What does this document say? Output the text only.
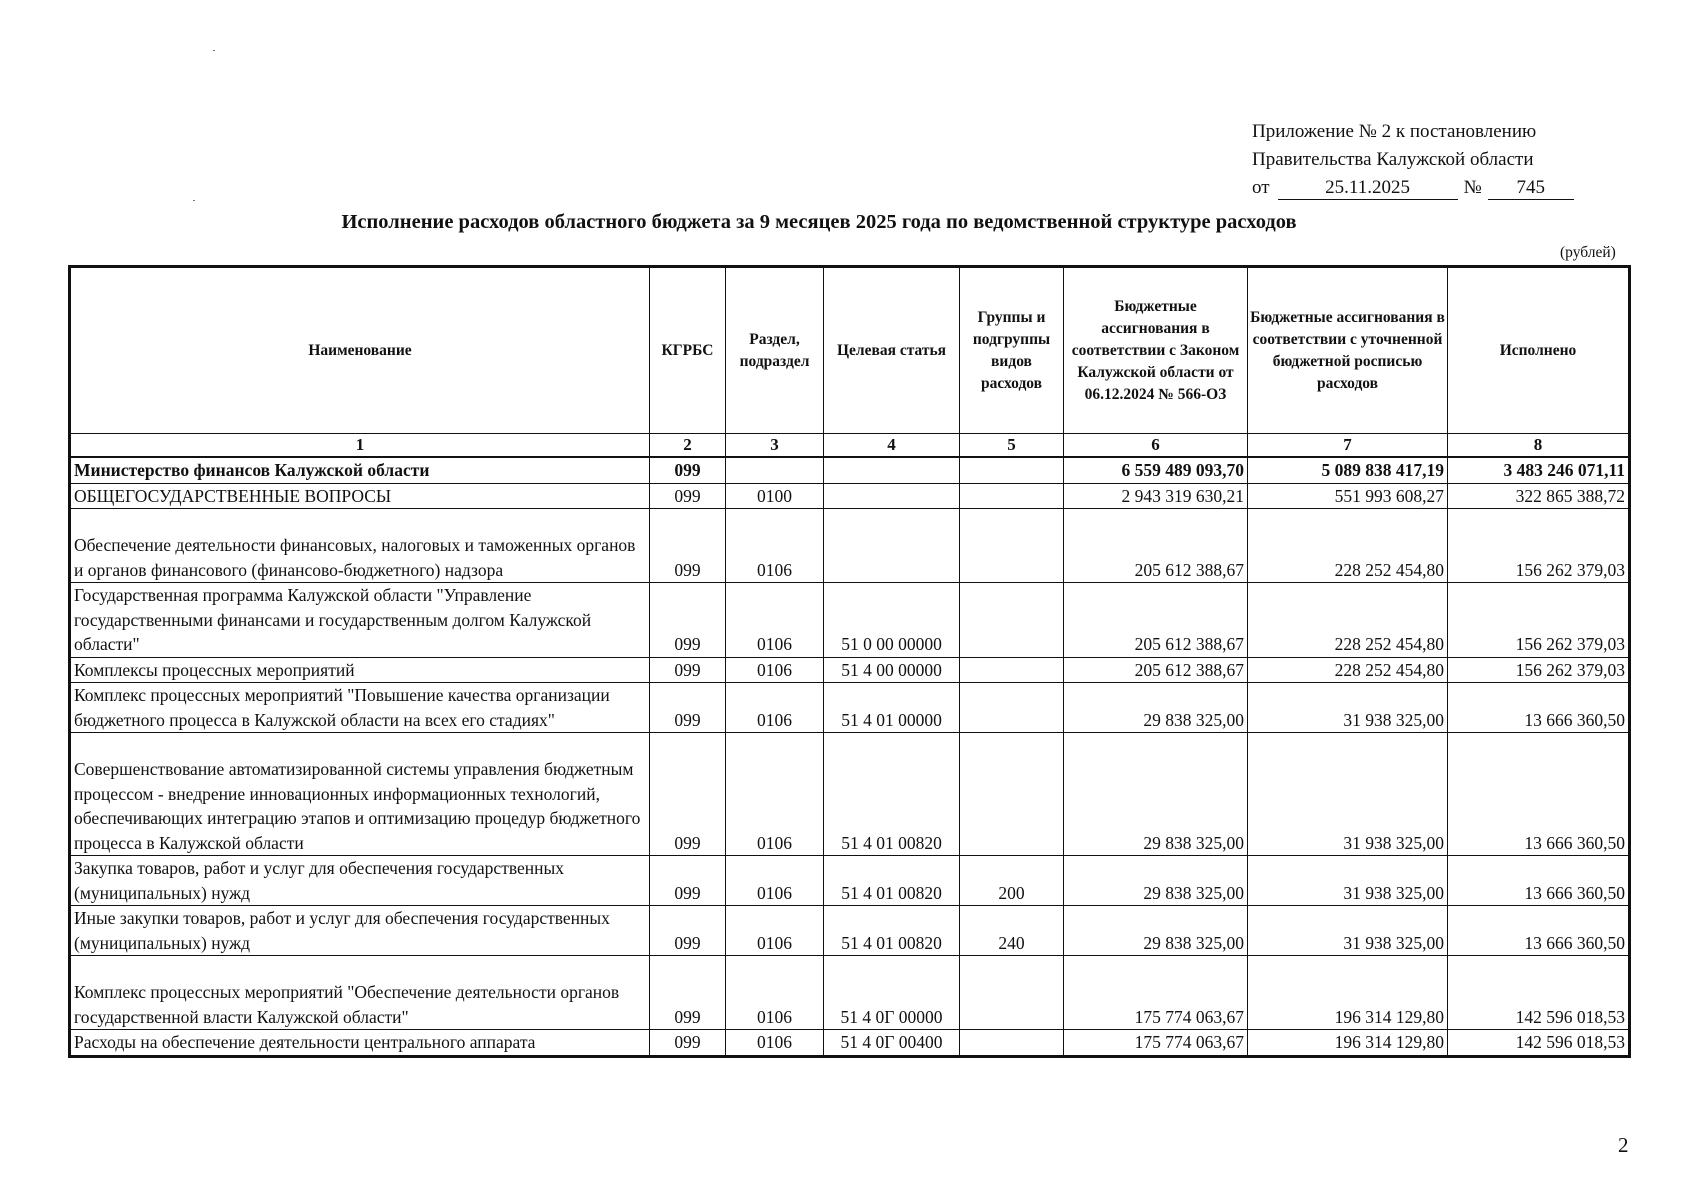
Приложение № 2 к постановлению
Правительства Калужской области
от	25.11.2025	№ 745
Исполнение расходов областного бюджета за 9 месяцев 2025 года по ведомственной структуре расходов
(рублей)
Наименование	КГРБС	Раздел, подраздел	Целевая статья	Группы и подгруппы видов расходов	Бюджетные ассигнования в соответствии с Законом Калужской области от 06.12.2024 № 566-ОЗ	Бюджетные ассигнования в соответствии с уточненной бюджетной росписью расходов	Исполнено
1	2	3	4	5	6	7	8
Министерство финансов Калужской области	099				6 559 489 093,70	5 089 838 417,19	3 483 246 071,11
ОБЩЕГОСУДАРСТВЕННЫЕ ВОПРОСЫ	099	0100			2 943 319 630,21	551 993 608,27	322 865 388,72
Обеспечение деятельности финансовых, налоговых и таможенных органов и органов финансового (финансово-бюджетного) надзора	099	0106			205 612 388,67	228 252 454,80	156 262 379,03
Государственная программа Калужской области "Управление государственными финансами и государственным долгом Калужской области"	099	0106	51 0 00 00000		205 612 388,67	228 252 454,80	156 262 379,03
Комплексы процессных мероприятий	099	0106	51 4 00 00000		205 612 388,67	228 252 454,80	156 262 379,03
Комплекс процессных мероприятий "Повышение качества организации бюджетного процесса в Калужской области на всех его стадиях"	099	0106	51 4 01 00000		29 838 325,00	31 938 325,00	13 666 360,50
Совершенствование автоматизированной системы управления бюджетным процессом - внедрение инновационных информационных технологий, обеспечивающих интеграцию этапов и оптимизацию процедур бюджетного процесса в Калужской области	099	0106	51 4 01 00820		29 838 325,00	31 938 325,00	13 666 360,50
Закупка товаров, работ и услуг для обеспечения государственных (муниципальных) нужд	099	0106	51 4 01 00820	200	29 838 325,00	31 938 325,00	13 666 360,50
Иные закупки товаров, работ и услуг для обеспечения государственных (муниципальных) нужд	099	0106	51 4 01 00820	240	29 838 325,00	31 938 325,00	13 666 360,50
Комплекс процессных мероприятий "Обеспечение деятельности органов государственной власти Калужской области"	099	0106	51 4 0Г 00000		175 774 063,67	196 314 129,80	142 596 018,53
Расходы на обеспечение деятельности центрального аппарата	099	0106	51 4 0Г 00400		175 774 063,67	196 314 129,80	142 596 018,53
2
